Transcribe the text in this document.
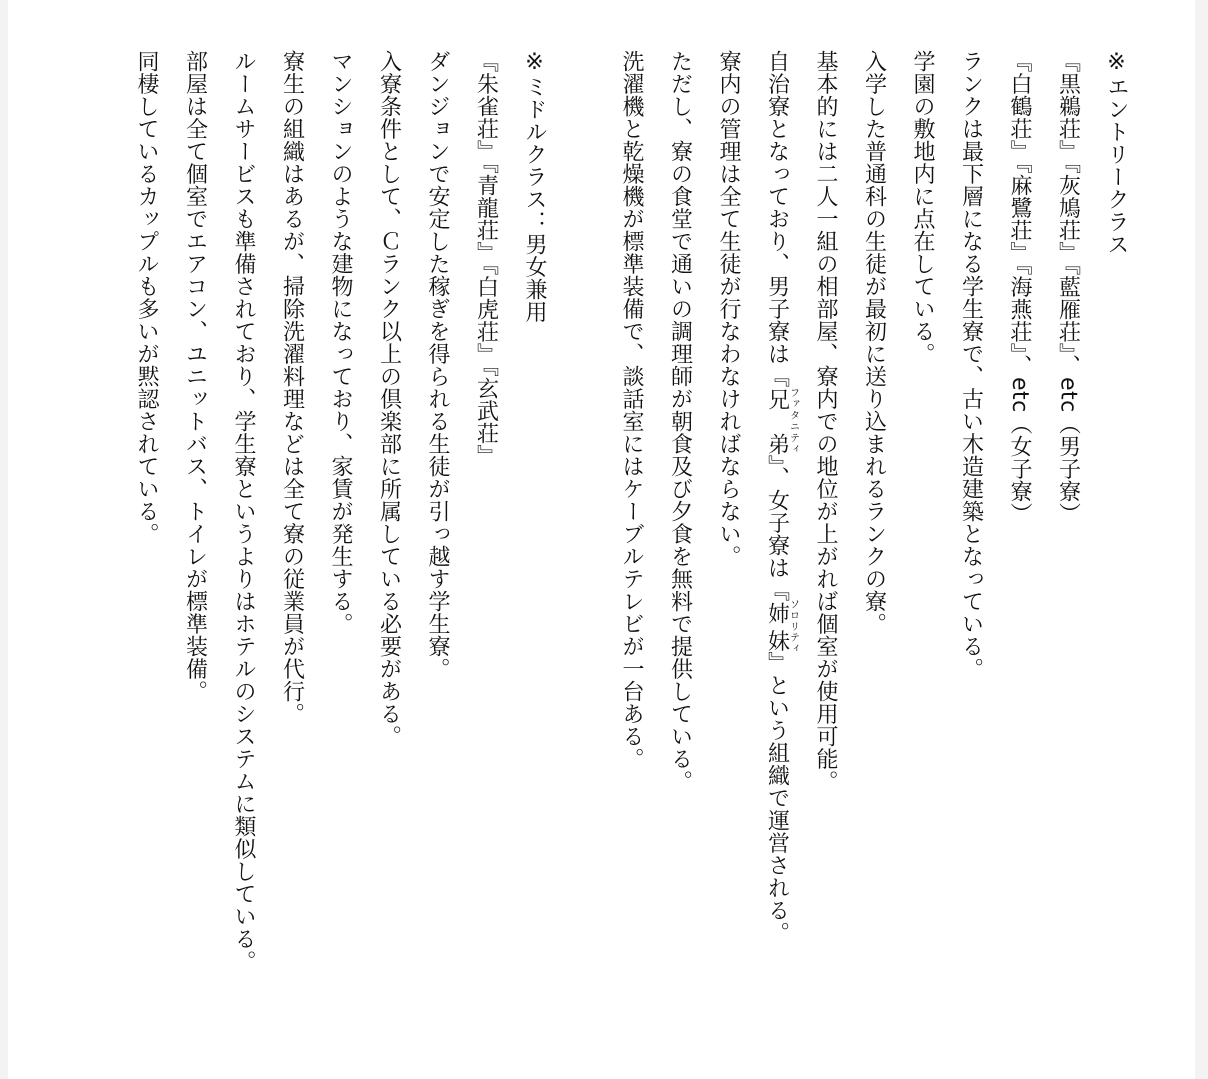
※エントリークラス

『黒鵜荘』『灰鳩荘』『藍雁荘』、etc（男子寮）

『白鶴荘』『麻鷺荘』『海燕荘』、etc（女子寮）

ランクは最下層になる学生寮で、古い木造建築となっている。

学園の敷地内に点在している。

入学した普通科の生徒が最初に送り込まれるランクの寮。

基本的には二人一組の相部屋、寮内での地位が上がれば個室が使用可能。

自治寮となっており、男子寮は『兄　弟ファタニティ』、女子寮は『姉妹ソロリティ』という組織で運営される。

寮内の管理は全て生徒が行なわなければならない。

ただし、寮の食堂で通いの調理師が朝食及び夕食を無料で提供している。

洗濯機と乾燥機が標準装備で、談話室にはケーブルテレビが一台ある。

※ミドルクラス：男女兼用

『朱雀荘』『青龍荘』『白虎荘』『玄武荘』

ダンジョンで安定した稼ぎを得られる生徒が引っ越す学生寮。

入寮条件として、Ｃランク以上の倶楽部に所属している必要がある。

マンションのような建物になっており、家賃が発生する。

寮生の組織はあるが、掃除洗濯料理などは全て寮の従業員が代行。

ルームサービスも準備されており、学生寮というよりはホテルのシステムに類似している。

部屋は全て個室でエアコン、ユニットバス、トイレが標準装備。

同棲しているカップルも多いが黙認されている。
